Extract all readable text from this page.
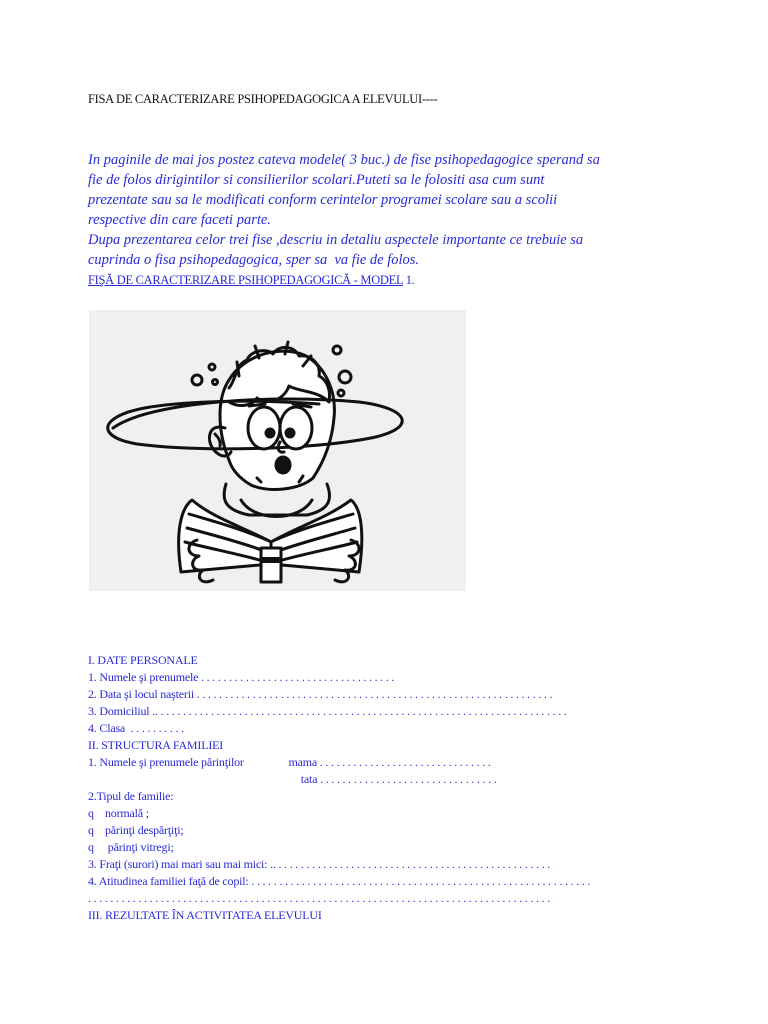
FISA DE CARACTERIZARE PSIHOPEDAGOGICA A ELEVULUI----
In paginile de mai jos postez cateva modele( 3 buc.) de fise psihopedagogice sperand sa
fie de folos dirigintilor si consilierilor scolari.Puteti sa le folositi asa cum sunt
prezentate sau sa le modificati conform cerintelor programei scolare sau a scolii
respective din care faceti parte.
Dupa prezentarea celor trei fise ,descriu in detaliu aspectele importante ce trebuie sa
cuprinda o fisa psihopedagogica, sper sa  va fie de folos.
FIŞĂ DE CARACTERIZARE PSIHOPEDAGOGICĂ - MODEL 1.
I. DATE PERSONALE
1. Numele şi prenumele . . . . . . . . . . . . . . . . . . . . . . . . . . . . . . . . . . .
2. Data şi locul naşterii . . . . . . . . . . . . . . . . . . . . . . . . . . . . . . . . . . . . . . . . . . . . . . . . . . . . . . . . . . . . . . . .
3. Domiciliul .. . . . . . . . . . . . . . . . . . . . . . . . . . . . . . . . . . . . . . . . . . . . . . . . . . . . . . . . . . . . . . . . . . . . . . . . . .
4. Clasa  . . . . . . . . . .
II. STRUCTURA FAMILIEI
1. Numele şi prenumele părinţilor                mama . . . . . . . . . . . . . . . . . . . . . . . . . . . . . . .
tata . . . . . . . . . . . . . . . . . . . . . . . . . . . . . . . .
2.Tipul de familie:
q    normală ;
q    părinţi despărţiţi;
q     părinţi vitregi;
3. Fraţi (surori) mai mari sau mai mici: .. . . . . . . . . . . . . . . . . . . . . . . . . . . . . . . . . . . . . . . . . . . . . . . . . .
4. Atitudinea familiei faţă de copil: . . . . . . . . . . . . . . . . . . . . . . . . . . . . . . . . . . . . . . . . . . . . . . . . . . . . . . . . . . . . .
. . . . . . . . . . . . . . . . . . . . . . . . . . . . . . . . . . . . . . . . . . . . . . . . . . . . . . . . . . . . . . . . . . . . . . . . . . . . . . . . . . .
III. REZULTATE ÎN ACTIVITATEA ELEVULUI
